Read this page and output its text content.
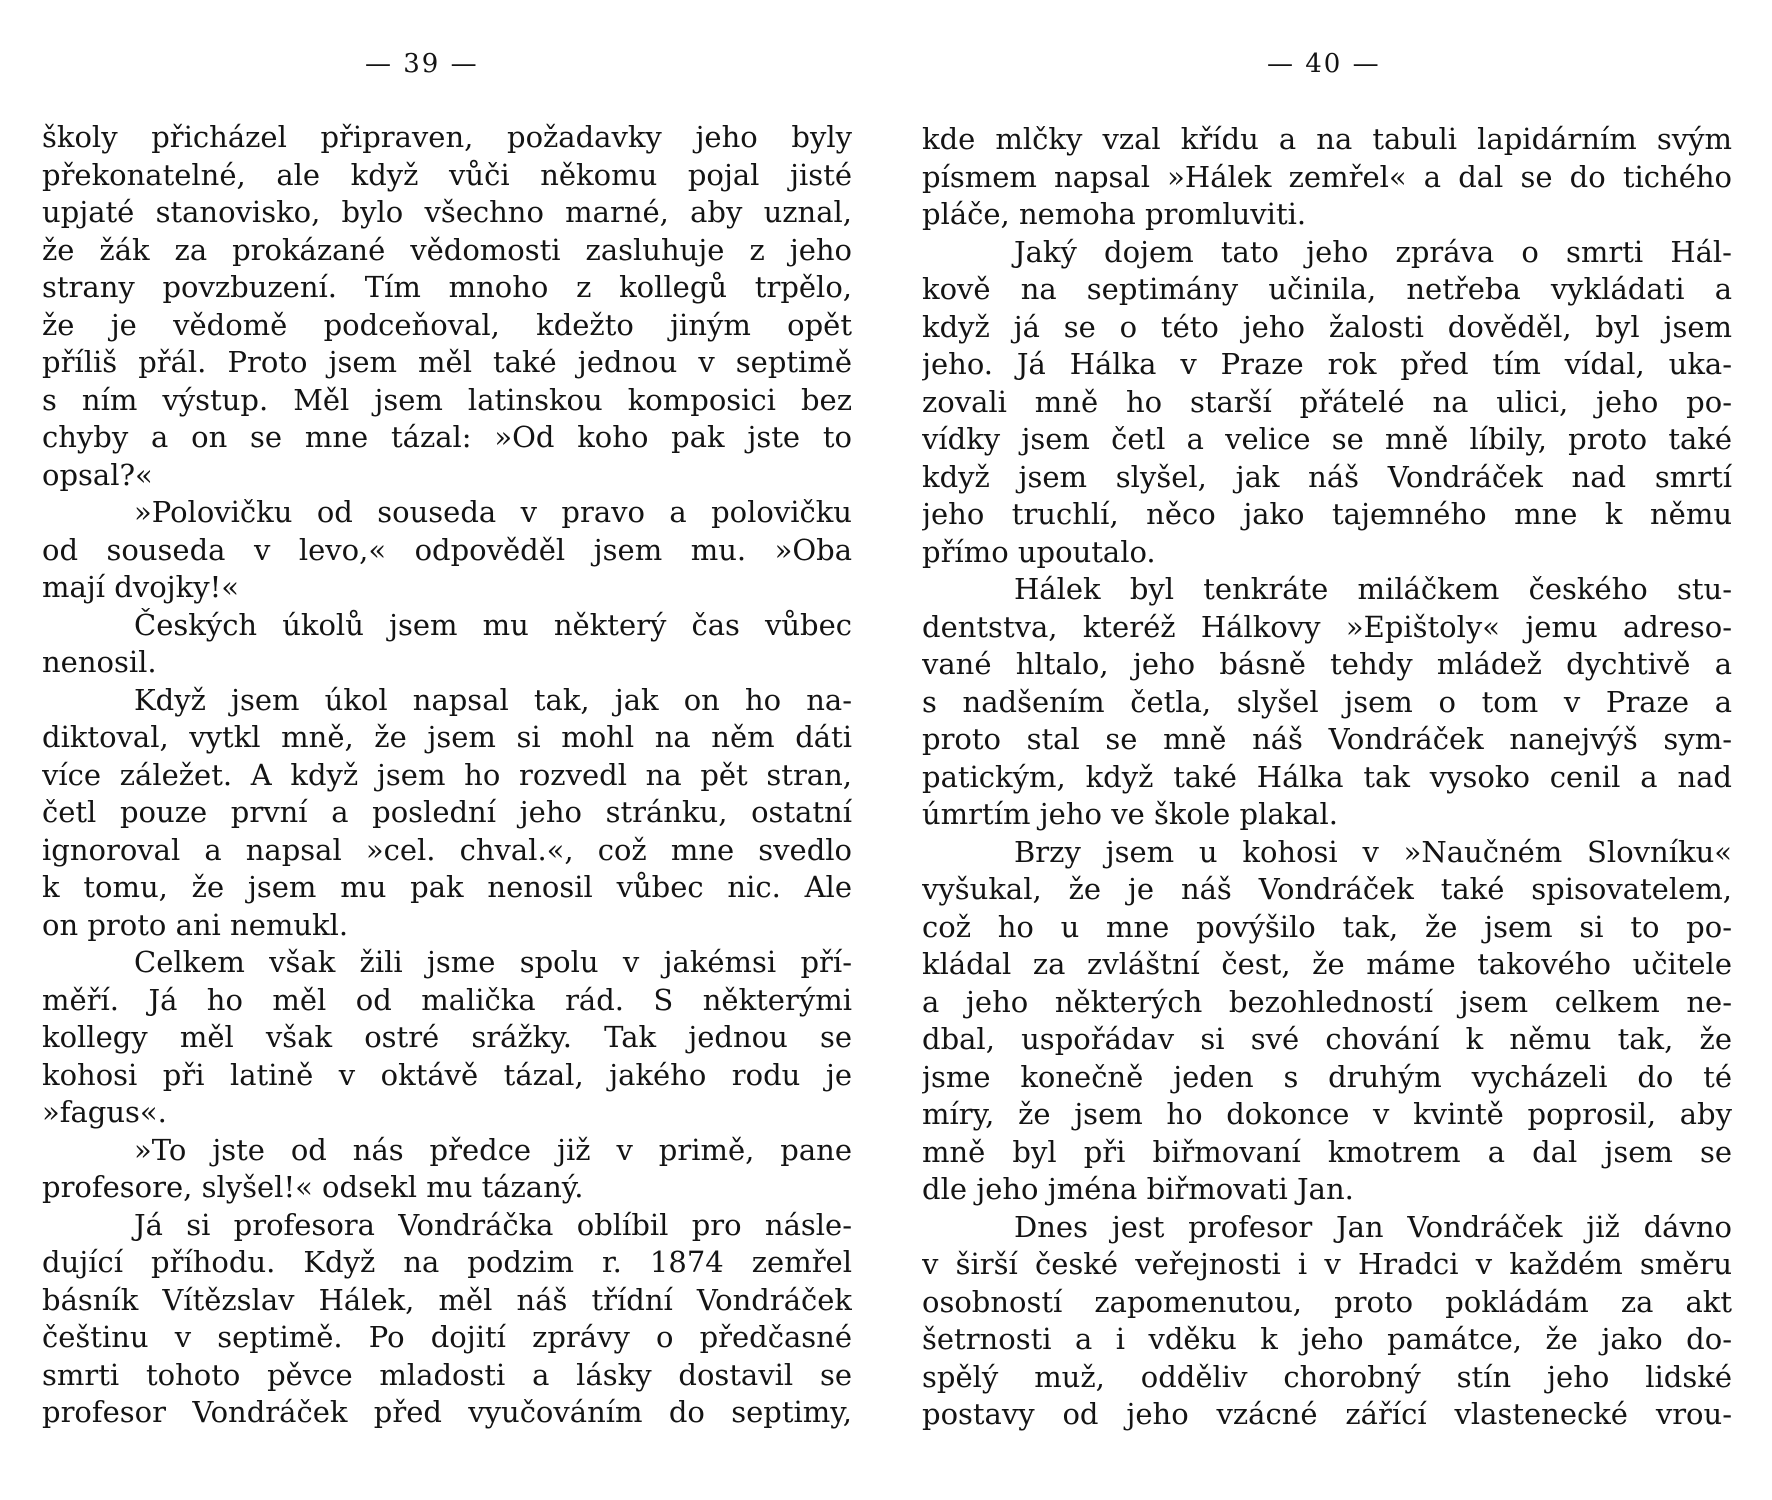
— 39 —
školy přicházel připraven, požadavky jeho byly
překonatelné, ale když vůči někomu pojal jisté
upjaté stanovisko, bylo všechno marné, aby uznal,
že žák za prokázané vědomosti zasluhuje z jeho
strany povzbuzení. Tím mnoho z kollegů trpělo,
že je vědomě podceňoval, kdežto jiným opět
příliš přál. Proto jsem měl také jednou v septimě
s ním výstup. Měl jsem latinskou komposici bez
chyby a on se mne tázal: »Od koho pak jste to
opsal?«
»Polovičku od souseda v pravo a polovičku
od souseda v levo,« odpověděl jsem mu. »Oba
mají dvojky!«
Českých úkolů jsem mu některý čas vůbec
nenosil.
Když jsem úkol napsal tak, jak on ho na-
diktoval, vytkl mně, že jsem si mohl na něm dáti
více záležet. A když jsem ho rozvedl na pět stran,
četl pouze první a poslední jeho stránku, ostatní
ignoroval a napsal »cel. chval.«, což mne svedlo
k tomu, že jsem mu pak nenosil vůbec nic. Ale
on proto ani nemukl.
Celkem však žili jsme spolu v jakémsi pří-
měří. Já ho měl od malička rád. S některými
kollegy měl však ostré srážky. Tak jednou se
kohosi při latině v oktávě tázal, jakého rodu je
»fagus«.
»To jste od nás předce již v primě, pane
profesore, slyšel!« odsekl mu tázaný.
Já si profesora Vondráčka oblíbil pro násle-
dující příhodu. Když na podzim r. 1874 zemřel
básník Vítězslav Hálek, měl náš třídní Vondráček
češtinu v septimě. Po dojití zprávy o předčasné
smrti tohoto pěvce mladosti a lásky dostavil se
profesor Vondráček před vyučováním do septimy,
— 40 —
kde mlčky vzal křídu a na tabuli lapidárním svým
písmem napsal »Hálek zemřel« a dal se do tichého
pláče, nemoha promluviti.
Jaký dojem tato jeho zpráva o smrti Hál-
kově na septimány učinila, netřeba vykládati a
když já se o této jeho žalosti dověděl, byl jsem
jeho. Já Hálka v Praze rok před tím vídal, uka-
zovali mně ho starší přátelé na ulici, jeho po-
vídky jsem četl a velice se mně líbily, proto také
když jsem slyšel, jak náš Vondráček nad smrtí
jeho truchlí, něco jako tajemného mne k němu
přímo upoutalo.
Hálek byl tenkráte miláčkem českého stu-
dentstva, kteréž Hálkovy »Epištoly« jemu adreso-
vané hltalo, jeho básně tehdy mládež dychtivě a
s nadšením četla, slyšel jsem o tom v Praze a
proto stal se mně náš Vondráček nanejvýš sym-
patickým, když také Hálka tak vysoko cenil a nad
úmrtím jeho ve škole plakal.
Brzy jsem u kohosi v »Naučném Slovníku«
vyšukal, že je náš Vondráček také spisovatelem,
což ho u mne povýšilo tak, že jsem si to po-
kládal za zvláštní čest, že máme takového učitele
a jeho některých bezohledností jsem celkem ne-
dbal, uspořádav si své chování k němu tak, že
jsme konečně jeden s druhým vycházeli do té
míry, že jsem ho dokonce v kvintě poprosil, aby
mně byl při biřmovaní kmotrem a dal jsem se
dle jeho jména biřmovati Jan.
Dnes jest profesor Jan Vondráček již dávno
v širší české veřejnosti i v Hradci v každém směru
osobností zapomenutou, proto pokládám za akt
šetrnosti a i vděku k jeho památce, že jako do-
spělý muž, odděliv chorobný stín jeho lidské
postavy od jeho vzácné zářící vlastenecké vrou-
